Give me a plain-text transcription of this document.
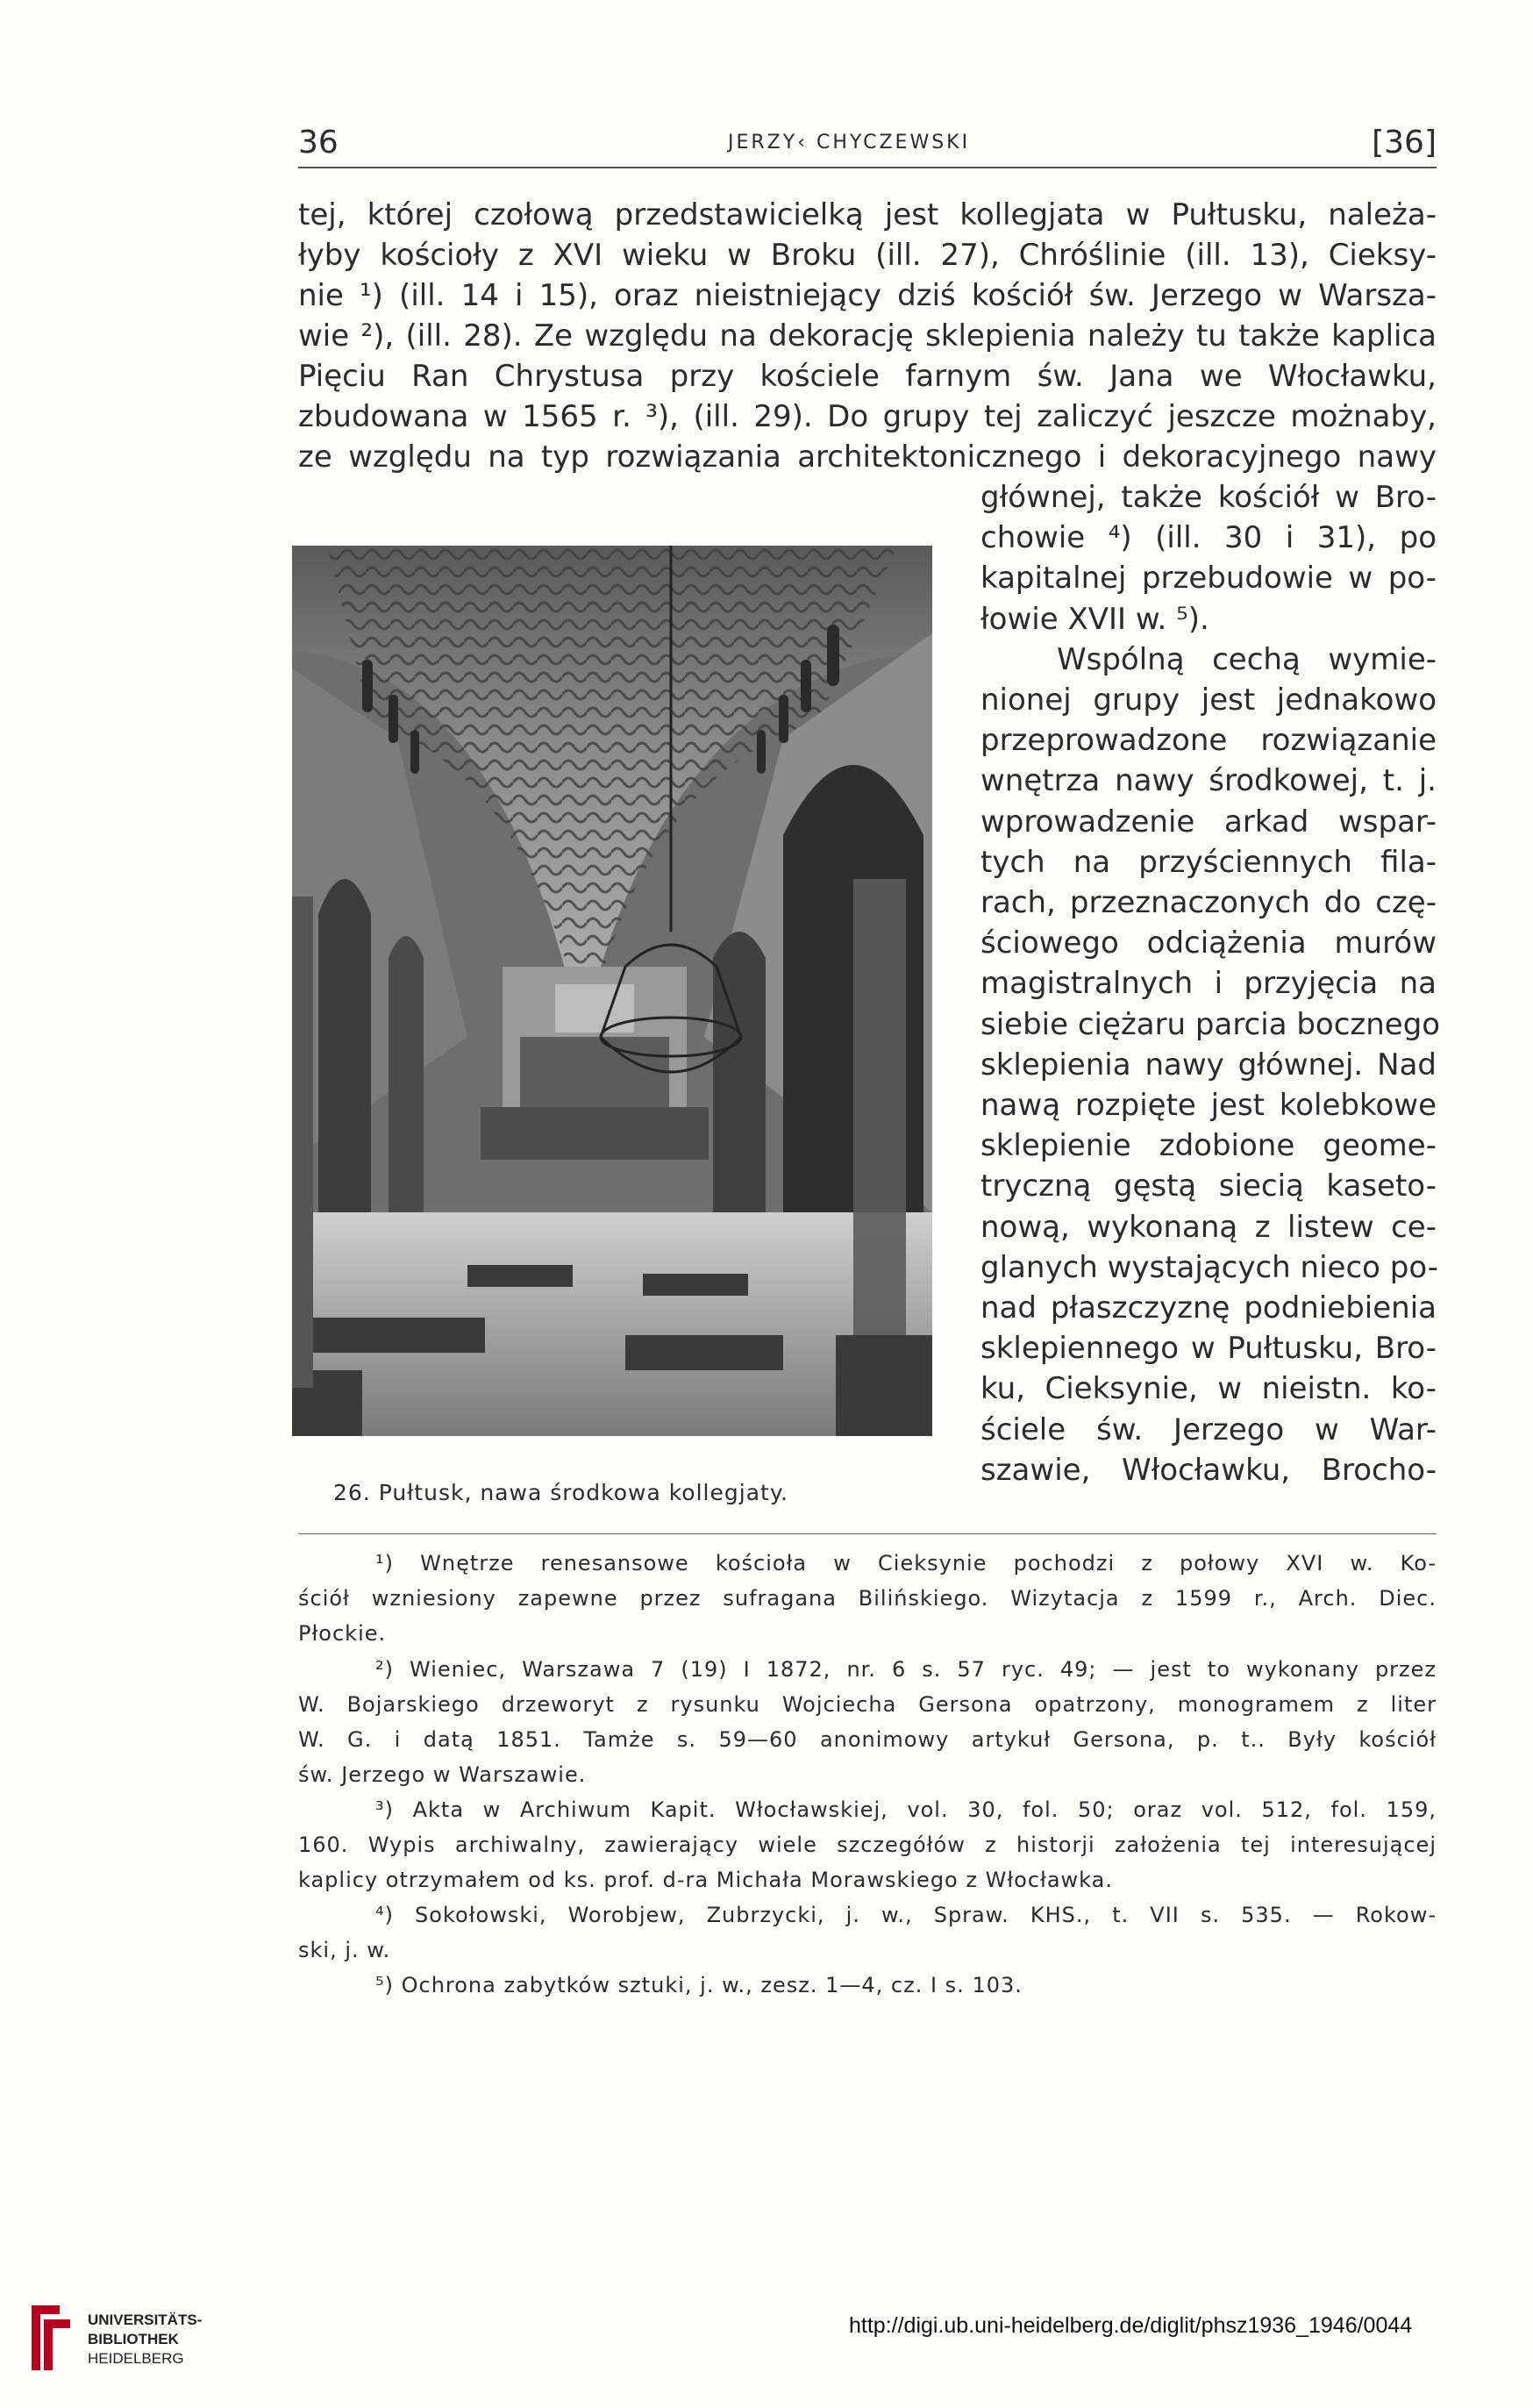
36	JERZY‹ CHYCZEWSKI	[36]
tej, której czołową przedstawicielką jest kollegjata w Pułtusku, należa-
łyby kościoły z XVI wieku w Broku (ill. 27), Chróślinie (ill. 13), Cieksy-
nie ¹) (ill. 14 i 15), oraz nieistniejący dziś kościół św. Jerzego w Warsza-
wie ²), (ill. 28). Ze względu na dekorację sklepienia należy tu także kaplica
Pięciu Ran Chrystusa przy kościele farnym św. Jana we Włocławku,
zbudowana w 1565 r. ³), (ill. 29). Do grupy tej zaliczyć jeszcze możnaby,
ze względu na typ rozwiązania architektonicznego i dekoracyjnego nawy
głównej, także kościół w Bro-
chowie ⁴) (ill. 30 i 31), po
kapitalnej przebudowie w po-
łowie XVII w. ⁵).
Wspólną cechą wymie-
nionej grupy jest jednakowo
przeprowadzone rozwiązanie
wnętrza nawy środkowej, t. j.
wprowadzenie arkad wspar-
tych na przyściennych fila-
rach, przeznaczonych do czę-
ściowego odciążenia murów
magistralnych i przyjęcia na
siebie ciężaru parcia bocznego
sklepienia nawy głównej. Nad
nawą rozpięte jest kolebkowe
sklepienie zdobione geome-
tryczną gęstą siecią kaseto-
nową, wykonaną z listew ce-
glanych wystających nieco po-
nad płaszczyznę podniebienia
sklepiennego w Pułtusku, Bro-
ku, Cieksynie, w nieistn. ko-
ściele św. Jerzego w War-
szawie, Włocławku, Brocho-
26. Pułtusk, nawa środkowa kollegjaty.
¹) Wnętrze renesansowe kościoła w Cieksynie pochodzi z połowy XVI w. Ko-
ściół wzniesiony zapewne przez sufragana Bilińskiego. Wizytacja z 1599 r., Arch. Diec.
Płockie.
²) Wieniec, Warszawa 7 (19) I 1872, nr. 6 s. 57 ryc. 49; — jest to wykonany przez
W. Bojarskiego drzeworyt z rysunku Wojciecha Gersona opatrzony, monogramem z liter
W. G. i datą 1851. Tamże s. 59—60 anonimowy artykuł Gersona, p. t.. Były kościół
św. Jerzego w Warszawie.
³) Akta w Archiwum Kapit. Włocławskiej, vol. 30, fol. 50; oraz vol. 512, fol. 159,
160. Wypis archiwalny, zawierający wiele szczegółów z historji założenia tej interesującej
kaplicy otrzymałem od ks. prof. d-ra Michała Morawskiego z Włocławka.
⁴) Sokołowski, Worobjew, Zubrzycki, j. w., Spraw. KHS., t. VII s. 535. — Rokow-
ski, j. w.
⁵) Ochrona zabytków sztuki, j. w., zesz. 1—4, cz. I s. 103.
UNIVERSITÄTS-
BIBLIOTHEK
HEIDELBERG
http://digi.ub.uni-heidelberg.de/diglit/phsz1936_1946/0044
